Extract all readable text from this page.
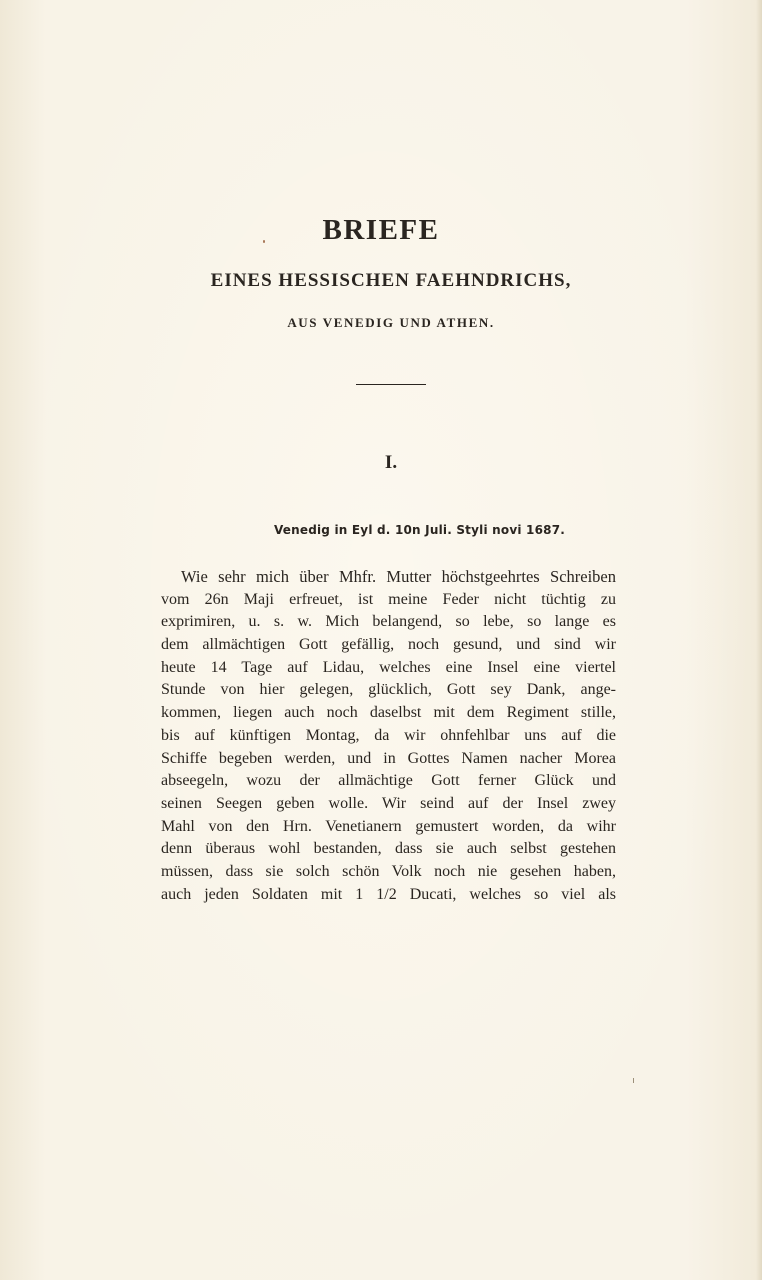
BRIEFE
EINES HESSISCHEN FAEHNDRICHS,
AUS VENEDIG UND ATHEN.
I.
Venedig in Eyl d. 10n Juli. Styli novi 1687.
Wie sehr mich über Mhfr. Mutter höchstgeehrtes Schreiben
vom 26n Maji erfreuet, ist meine Feder nicht tüchtig zu
exprimiren, u. s. w. Mich belangend, so lebe, so lange es
dem allmächtigen Gott gefällig, noch gesund, und sind wir
heute 14 Tage auf Lidau, welches eine Insel eine viertel
Stunde von hier gelegen, glücklich, Gott sey Dank, ange-
kommen, liegen auch noch daselbst mit dem Regiment stille,
bis auf künftigen Montag, da wir ohnfehlbar uns auf die
Schiffe begeben werden, und in Gottes Namen nacher Morea
abseegeln, wozu der allmächtige Gott ferner Glück und
seinen Seegen geben wolle. Wir seind auf der Insel zwey
Mahl von den Hrn. Venetianern gemustert worden, da wihr
denn überaus wohl bestanden, dass sie auch selbst gestehen
müssen, dass sie solch schön Volk noch nie gesehen haben,
auch jeden Soldaten mit 1 1/2 Ducati, welches so viel als
